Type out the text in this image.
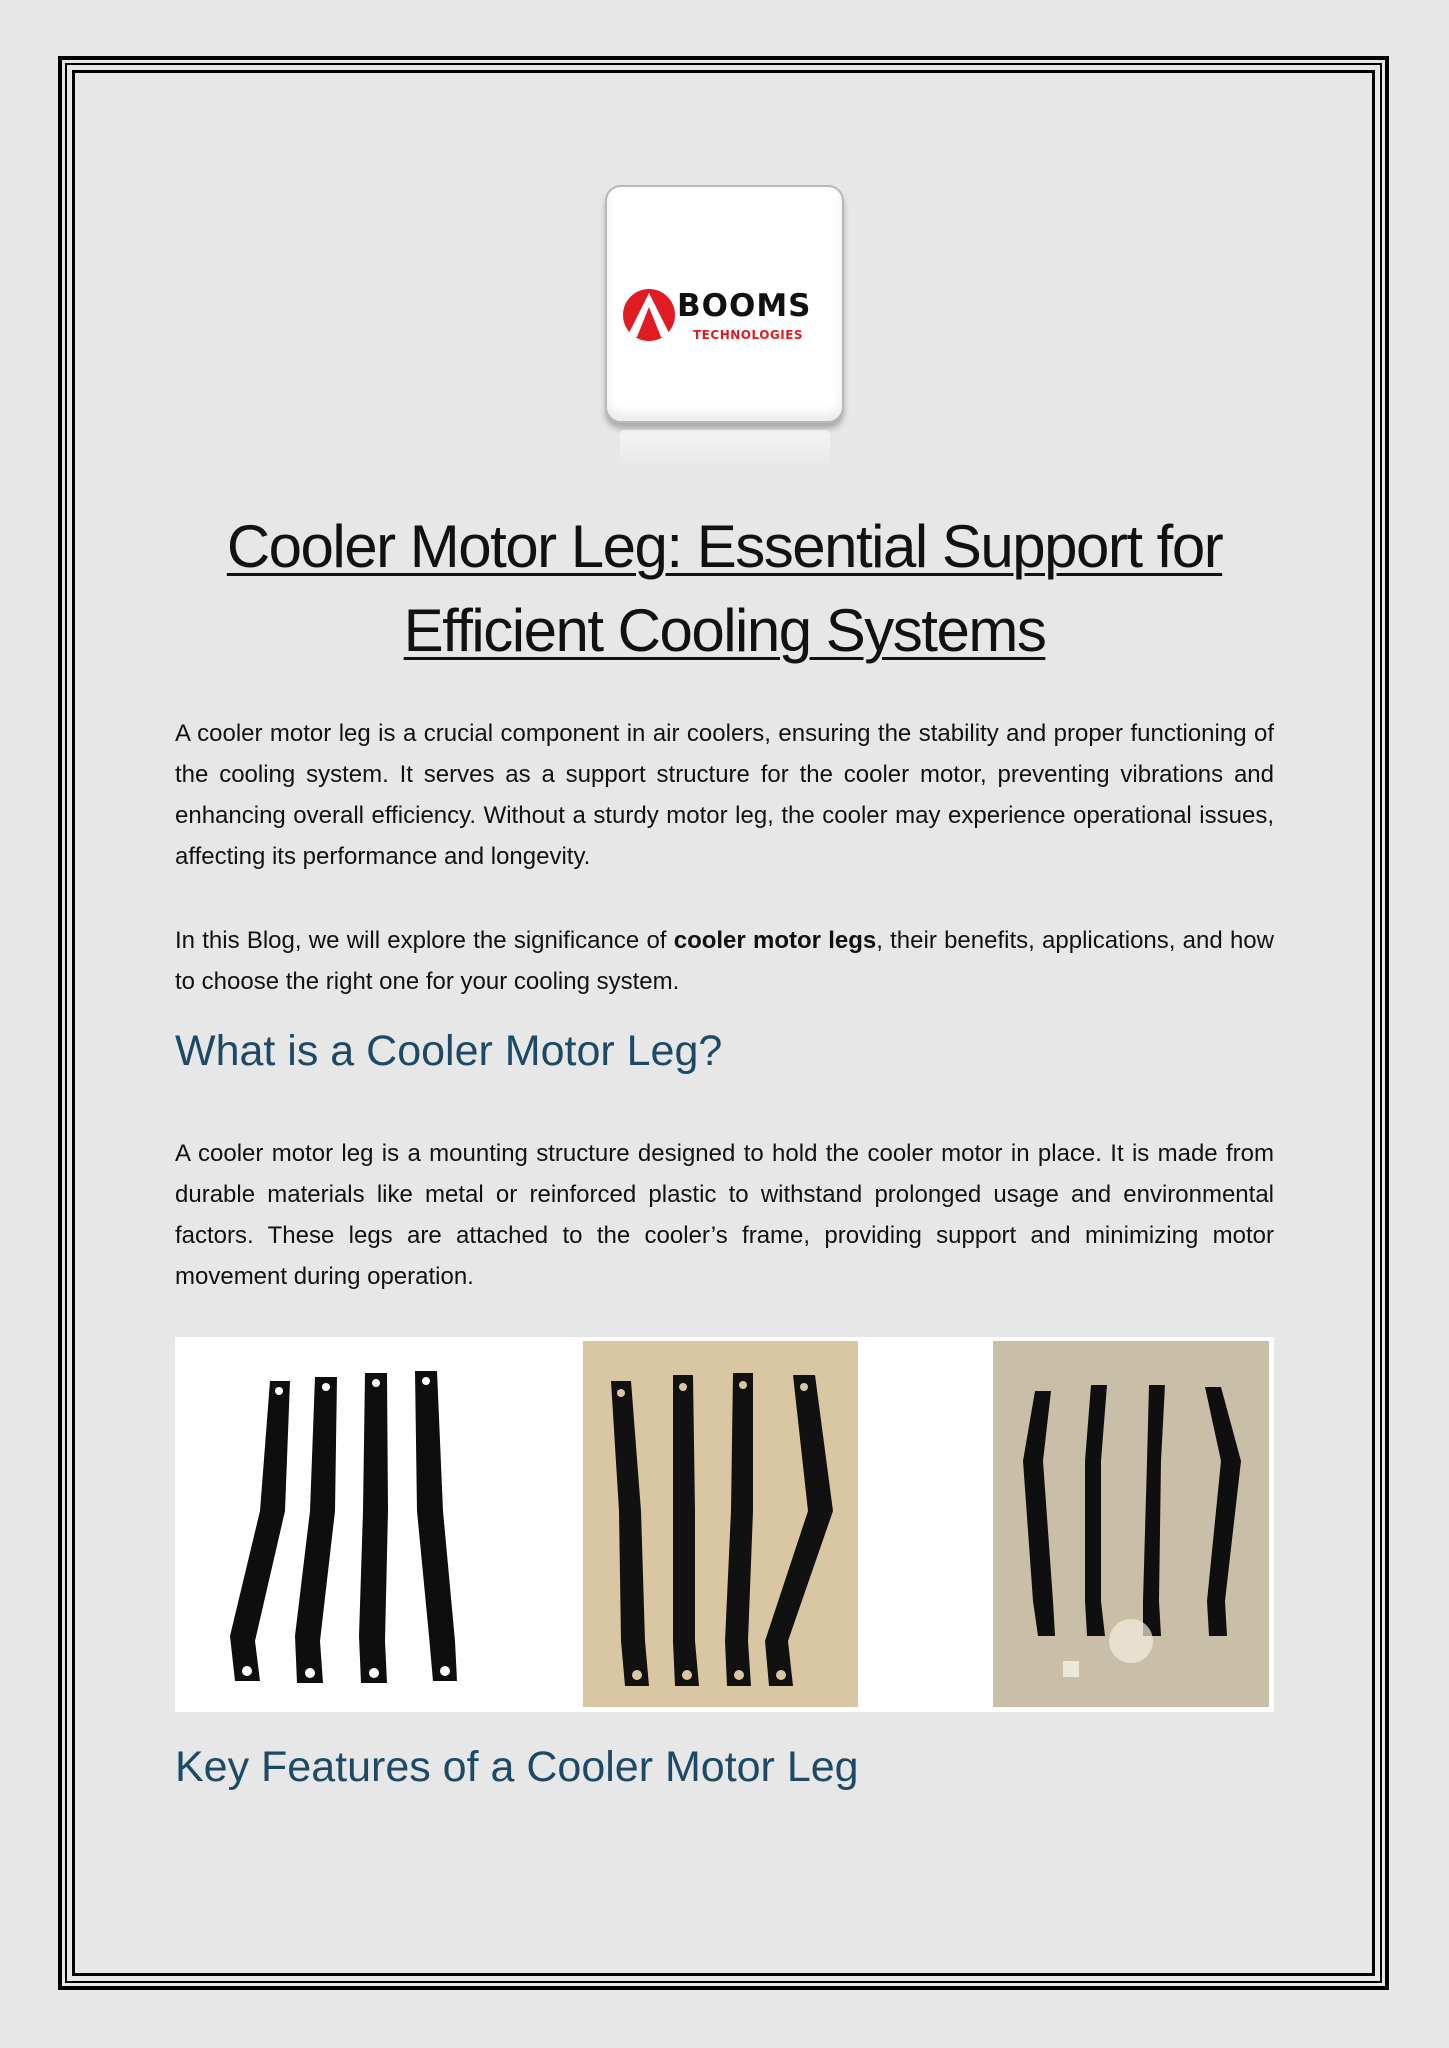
BOOMS
TECHNOLOGIES
Cooler Motor Leg: Essential Support for Efficient Cooling Systems

A cooler motor leg is a crucial component in air coolers, ensuring the stability and proper functioning of the cooling system. It serves as a support structure for the cooler motor, preventing vibrations and enhancing overall efficiency. Without a sturdy motor leg, the cooler may experience operational issues, affecting its performance and longevity.

In this Blog, we will explore the significance of cooler motor legs, their benefits, applications, and how to choose the right one for your cooling system.

What is a Cooler Motor Leg?

A cooler motor leg is a mounting structure designed to hold the cooler motor in place. It is made from durable materials like metal or reinforced plastic to withstand prolonged usage and environmental factors. These legs are attached to the cooler’s frame, providing support and minimizing motor movement during operation.

Key Features of a Cooler Motor Leg
